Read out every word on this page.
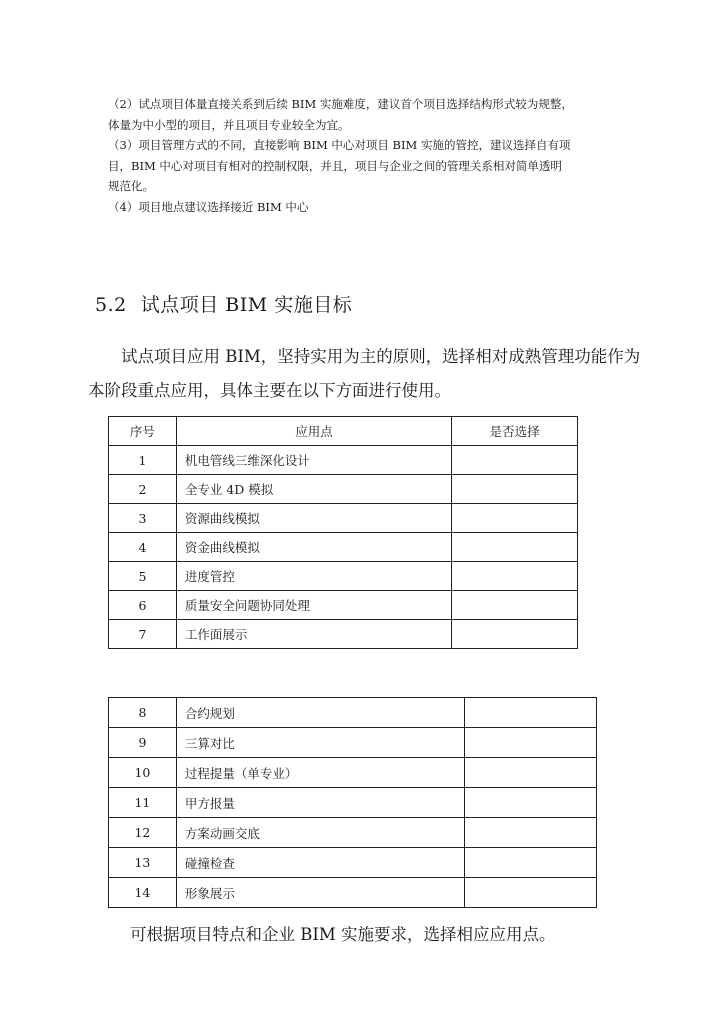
（2）试点项目体量直接关系到后续 BIM 实施难度，建议首个项目选择结构形式较为规整，
体量为中小型的项目，并且项目专业较全为宜。
（3）项目管理方式的不同，直接影响 BIM 中心对项目 BIM 实施的管控，建议选择自有项
目，BIM 中心对项目有相对的控制权限，并且，项目与企业之间的管理关系相对简单透明
规范化。
（4）项目地点建议选择接近 BIM 中心
5.2 试点项目 BIM 实施目标

试点项目应用 BIM，坚持实用为主的原则，选择相对成熟管理功能作为本阶段重点应用，具体主要在以下方面进行使用。

序号	应用点	是否选择
1	机电管线三维深化设计	
2	全专业 4D 模拟	
3	资源曲线模拟	
4	资金曲线模拟	
5	进度管控	
6	质量安全问题协同处理	
7	工作面展示	
8	合约规划	
9	三算对比	
10	过程提量（单专业）	
11	甲方报量	
12	方案动画交底	
13	碰撞检查	
14	形象展示	

可根据项目特点和企业 BIM 实施要求，选择相应应用点。
